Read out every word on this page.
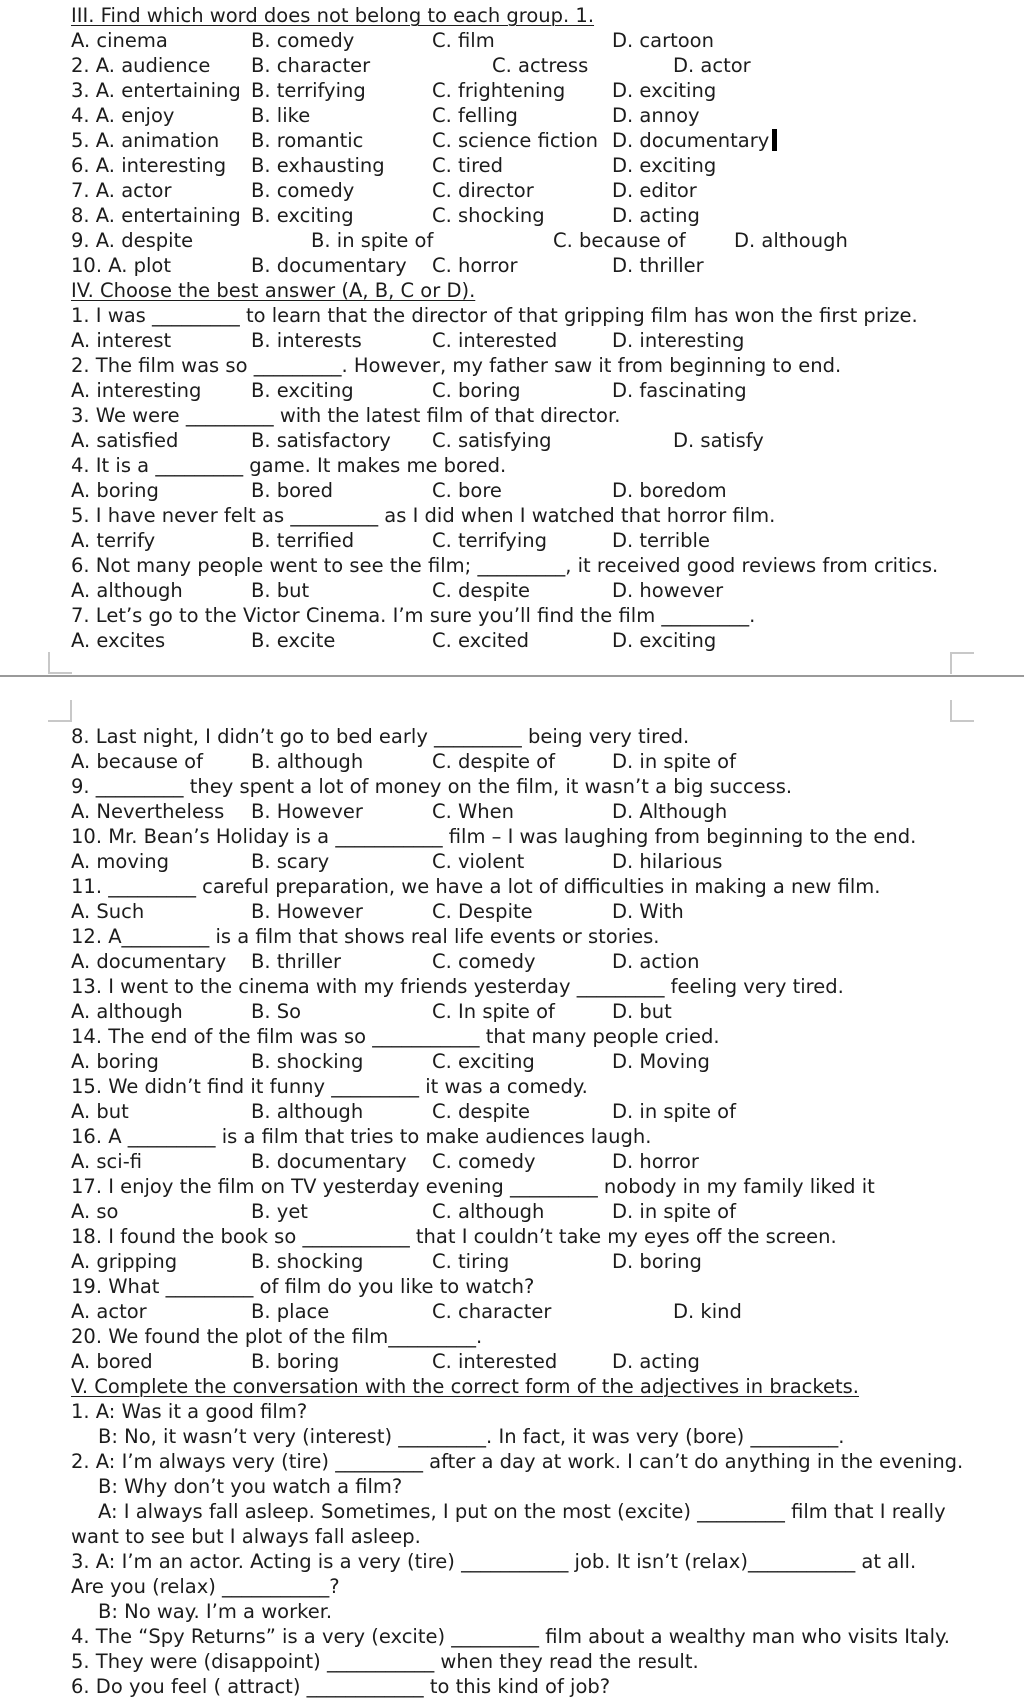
III. Find which word does not belong to each group. 1.
A. cinema	B. comedy	C. film	D. cartoon
2. A. audience B. character	C. actress	D. actor
3. A. entertaining B. terrifying	C. frightening D. exciting
4. A. enjoy	B. like	C. felling	D. annoy
5. A. animation B. romantic	C. science fiction D. documentary
6. A. interesting B. exhausting C. tired	D. exciting
7. A. actor	B. comedy	C. director	D. editor
8. A. entertaining B. exciting	C. shocking	D. acting
9. A. despite	B. in spite of	C. because of D. although
10. A. plot	B. documentary C. horror	D. thriller
IV. Choose the best answer (A, B, C or D).
1. I was _________ to learn that the director of that gripping film has won the first prize.
A. interest	B. interests	C. interested	D. interesting
2. The film was so _________. However, my father saw it from beginning to end.
A. interesting	B. exciting	C. boring	D. fascinating
3. We were _________ with the latest film of that director.
A. satisfied	B. satisfactory C. satisfying	D. satisfy
4. It is a _________ game. It makes me bored.
A. boring	B. bored	C. bore	D. boredom
5. I have never felt as _________ as I did when I watched that horror film.
A. terrify	B. terrified	C. terrifying	D. terrible
6. Not many people went to see the film; _________, it received good reviews from critics.
A. although	B. but	C. despite	D. however
7. Let’s go to the Victor Cinema. I’m sure you’ll find the film _________.
A. excites	B. excite	C. excited	D. exciting
8. Last night, I didn’t go to bed early _________ being very tired.
A. because of B. although	C. despite of	D. in spite of
9. _________ they spent a lot of money on the film, it wasn’t a big success.
A. Nevertheless B. However	C. When	D. Although
10. Mr. Bean’s Holiday is a ___________ film – I was laughing from beginning to the end.
A. moving	B. scary	C. violent	D. hilarious
11. _________ careful preparation, we have a lot of difficulties in making a new film.
A. Such	B. However	C. Despite	D. With
12. A_________ is a film that shows real life events or stories.
A. documentary B. thriller	C. comedy	D. action
13. I went to the cinema with my friends yesterday _________ feeling very tired.
A. although	B. So	C. In spite of	D. but
14. The end of the film was so ___________ that many people cried.
A. boring	B. shocking	C. exciting	D. Moving
15. We didn’t find it funny _________ it was a comedy.
A. but	B. although	C. despite	D. in spite of
16. A _________ is a film that tries to make audiences laugh.
A. sci-fi	B. documentary C. comedy	D. horror
17. I enjoy the film on TV yesterday evening _________ nobody in my family liked it
A. so	B. yet	C. although	D. in spite of
18. I found the book so ___________ that I couldn’t take my eyes off the screen.
A. gripping	B. shocking	C. tiring	D. boring
19. What _________ of film do you like to watch?
A. actor	B. place	C. character	D. kind
20. We found the plot of the film_________.
A. bored	B. boring	C. interested	D. acting
V. Complete the conversation with the correct form of the adjectives in brackets.
1. A: Was it a good film?
B: No, it wasn’t very (interest) _________. In fact, it was very (bore) _________.
2. A: I’m always very (tire) _________ after a day at work. I can’t do anything in the evening.
B: Why don’t you watch a film?
A: I always fall asleep. Sometimes, I put on the most (excite) _________ film that I really
want to see but I always fall asleep.
3. A: I’m an actor. Acting is a very (tire) ___________ job. It isn’t (relax)___________ at all.
Are you (relax) ___________?
B: No way. I’m a worker.
4. The “Spy Returns” is a very (excite) _________ film about a wealthy man who visits Italy.
5. They were (disappoint) ___________ when they read the result.
6. Do you feel ( attract) ____________ to this kind of job?
